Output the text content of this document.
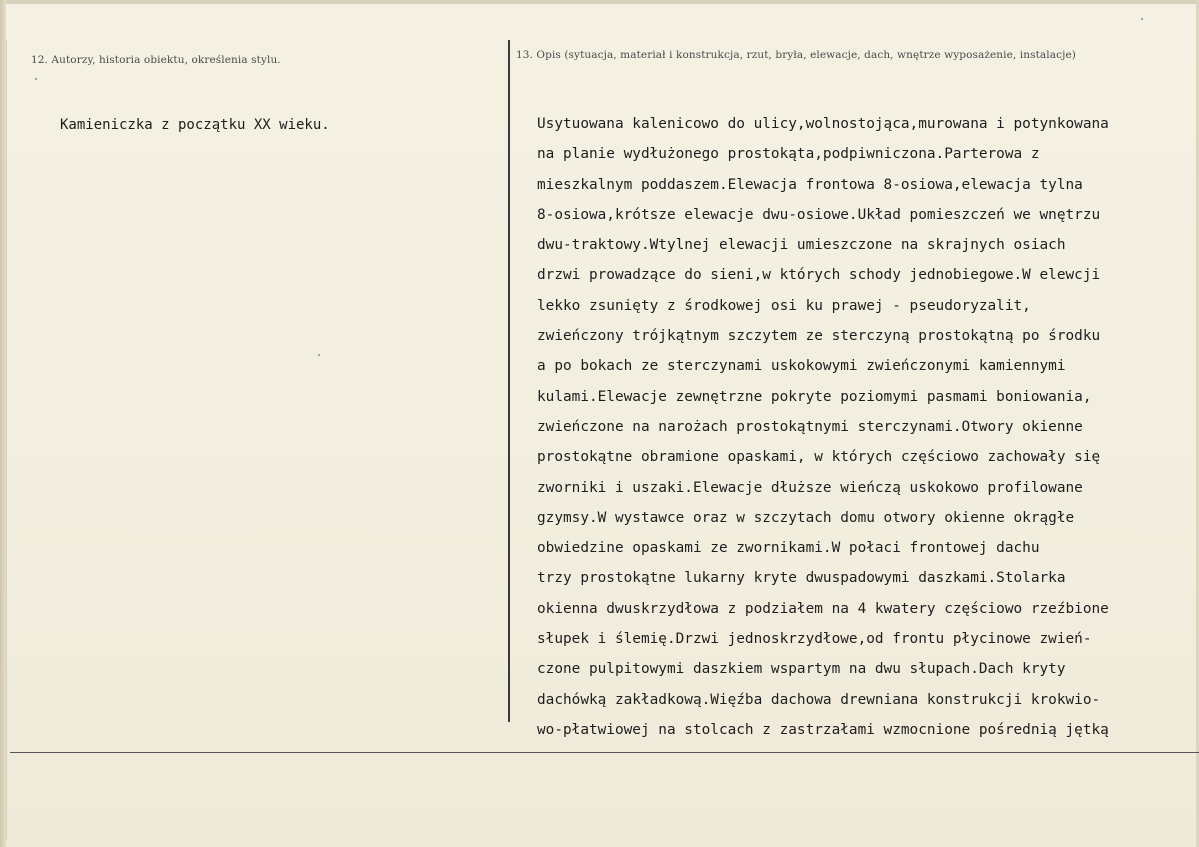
12. Autorzy, historia obiektu, określenia stylu.	13. Opis (sytuacja, materiał i konstrukcja, rzut, bryła, elewacje, dach, wnętrze wyposażenie, instalacje)
Kamieniczka z początku XX wieku.	Usytuowana kalenicowo do ulicy,wolnostojąca,murowana i potynkowana
na planie wydłużonego prostokąta,podpiwniczona.Parterowa z
mieszkalnym poddaszem.Elewacja frontowa 8-osiowa,elewacja tylna
8-osiowa,krótsze elewacje dwu-osiowe.Układ pomieszczeń we wnętrzu
dwu-traktowy.Wtylnej elewacji umieszczone na skrajnych osiach
drzwi prowadzące do sieni,w których schody jednobiegowe.W elewcji
lekko zsunięty z środkowej osi ku prawej - pseudoryzalit,
zwieńczony trójkątnym szczytem ze sterczyną prostokątną po środku
a po bokach ze sterczynami uskokowymi zwieńczonymi kamiennymi
kulami.Elewacje zewnętrzne pokryte poziomymi pasmami boniowania,
zwieńczone na narożach prostokątnymi sterczynami.Otwory okienne
prostokątne obramione opaskami, w których częściowo zachowały się
zworniki i uszaki.Elewacje dłuższe wieńczą uskokowo profilowane
gzymsy.W wystawce oraz w szczytach domu otwory okienne okrągłe
obwiedzine opaskami ze zwornikami.W połaci frontowej dachu
trzy prostokątne lukarny kryte dwuspadowymi daszkami.Stolarka
okienna dwuskrzydłowa z podziałem na 4 kwatery częściowo rzeźbione
słupek i ślemię.Drzwi jednoskrzydłowe,od frontu płycinowe zwień-
czone pulpitowymi daszkiem wspartym na dwu słupach.Dach kryty
dachówką zakładkową.Więźba dachowa drewniana konstrukcji krokwio-
wo-płatwiowej na stolcach z zastrzałami wzmocnione pośrednią jętką
